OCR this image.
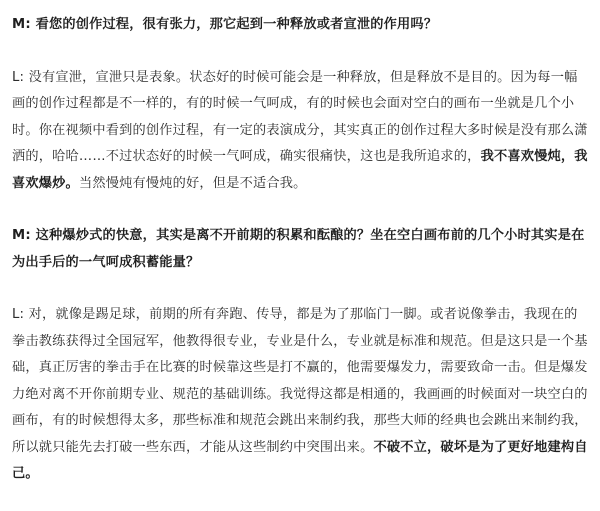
M: 看您的创作过程，很有张力，那它起到一种释放或者宣泄的作用吗？

L: 没有宣泄，宣泄只是表象。状态好的时候可能会是一种释放，但是释放不是目的。因为每一幅画的创作过程都是不一样的，有的时候一气呵成，有的时候也会面对空白的画布一坐就是几个小时。你在视频中看到的创作过程，有一定的表演成分，其实真正的创作过程大多时候是没有那么潇洒的，哈哈……不过状态好的时候一气呵成，确实很痛快，这也是我所追求的，我不喜欢慢炖，我喜欢爆炒。当然慢炖有慢炖的好，但是不适合我。

M: 这种爆炒式的快意，其实是离不开前期的积累和酝酿的？坐在空白画布前的几个小时其实是在为出手后的一气呵成积蓄能量？

L: 对，就像是踢足球，前期的所有奔跑、传导，都是为了那临门一脚。或者说像拳击，我现在的拳击教练获得过全国冠军，他教得很专业，专业是什么，专业就是标准和规范。但是这只是一个基础，真正厉害的拳击手在比赛的时候靠这些是打不赢的，他需要爆发力，需要致命一击。但是爆发力绝对离不开你前期专业、规范的基础训练。我觉得这都是相通的，我画画的时候面对一块空白的画布，有的时候想得太多，那些标准和规范会跳出来制约我，那些大师的经典也会跳出来制约我，所以就只能先去打破一些东西，才能从这些制约中突围出来。不破不立，破坏是为了更好地建构自己。
